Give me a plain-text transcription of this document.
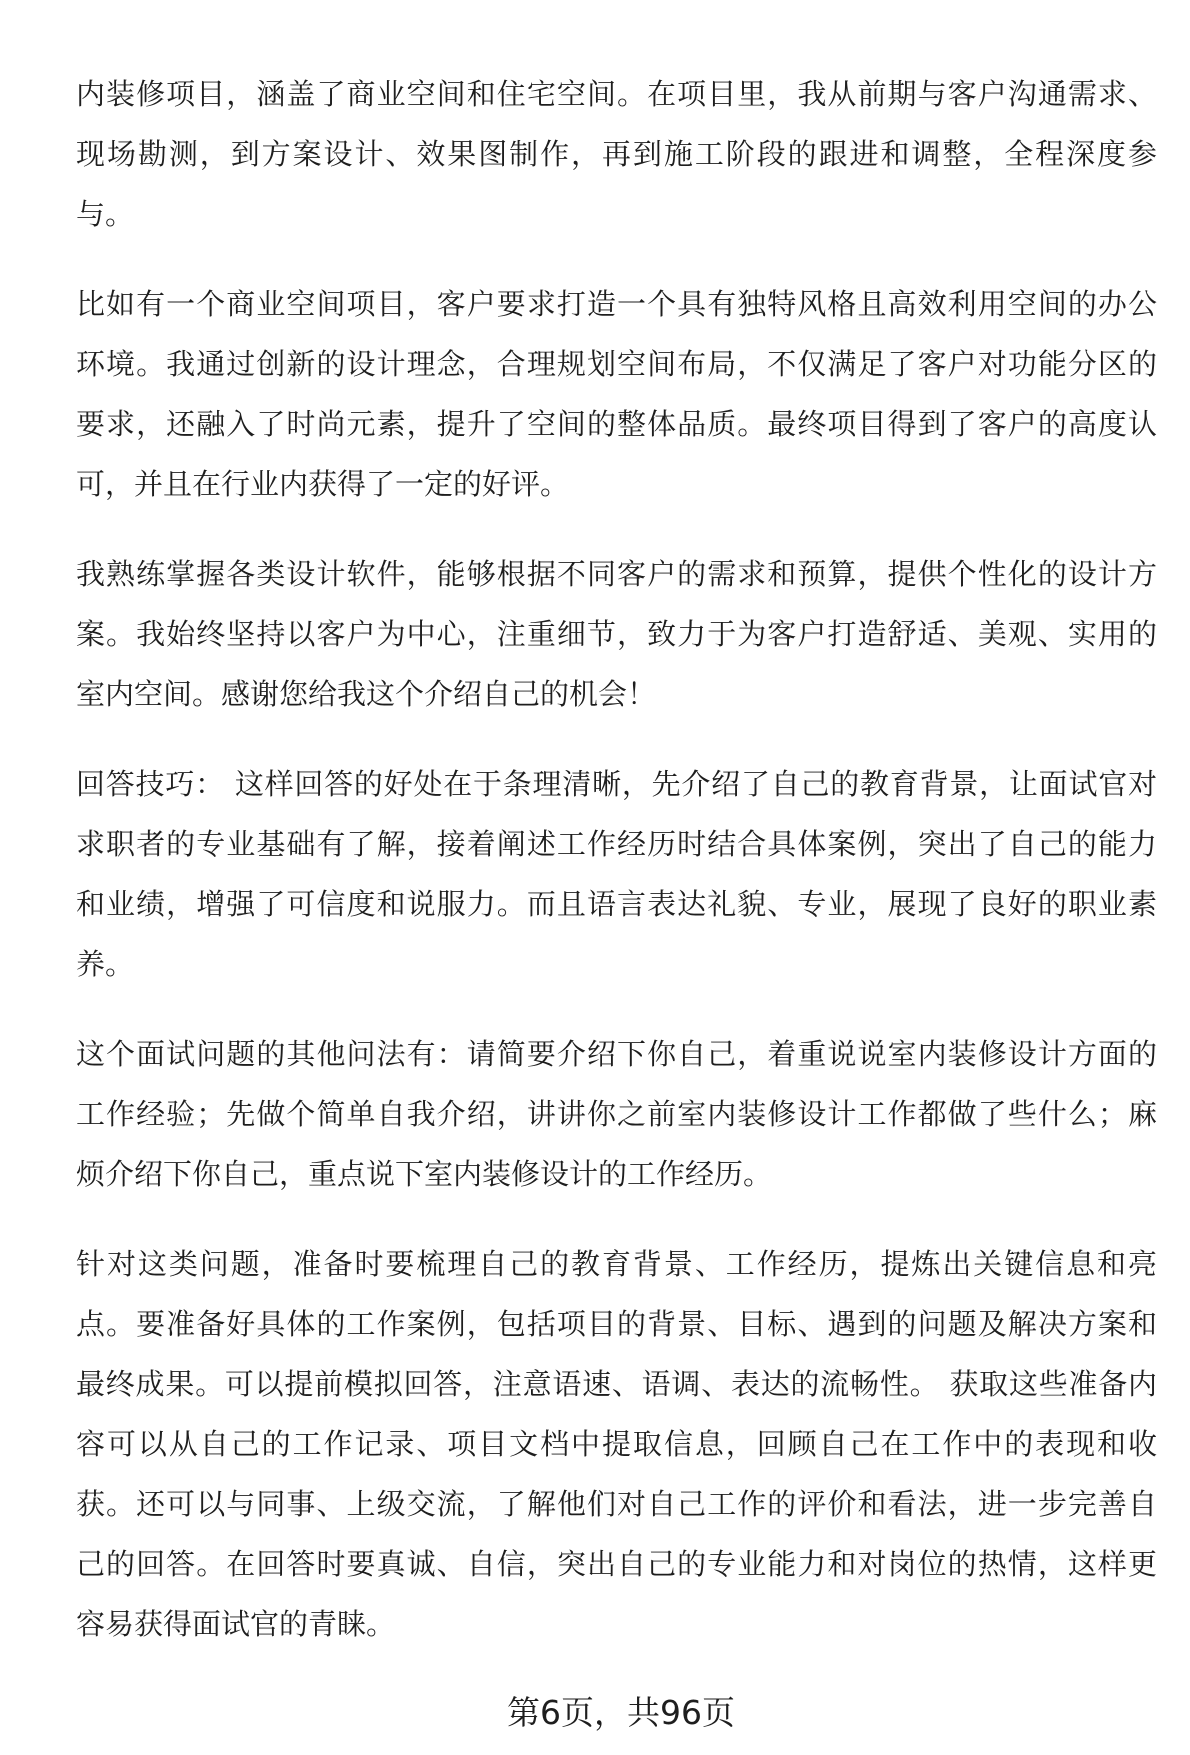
内装修项目，涵盖了商业空间和住宅空间。在项目里，我从前期与客户沟通需求、
现场勘测，到方案设计、效果图制作，再到施工阶段的跟进和调整，全程深度参
与。
比如有一个商业空间项目，客户要求打造一个具有独特风格且高效利用空间的办公
环境。我通过创新的设计理念，合理规划空间布局，不仅满足了客户对功能分区的
要求，还融入了时尚元素，提升了空间的整体品质。最终项目得到了客户的高度认
可，并且在行业内获得了一定的好评。
我熟练掌握各类设计软件，能够根据不同客户的需求和预算，提供个性化的设计方
案。我始终坚持以客户为中心，注重细节，致力于为客户打造舒适、美观、实用的
室内空间。感谢您给我这个介绍自己的机会！
回答技巧： 这样回答的好处在于条理清晰，先介绍了自己的教育背景，让面试官对
求职者的专业基础有了解，接着阐述工作经历时结合具体案例，突出了自己的能力
和业绩，增强了可信度和说服力。而且语言表达礼貌、专业，展现了良好的职业素
养。
这个面试问题的其他问法有：请简要介绍下你自己，着重说说室内装修设计方面的
工作经验；先做个简单自我介绍，讲讲你之前室内装修设计工作都做了些什么；麻
烦介绍下你自己，重点说下室内装修设计的工作经历。
针对这类问题，准备时要梳理自己的教育背景、工作经历，提炼出关键信息和亮
点。要准备好具体的工作案例，包括项目的背景、目标、遇到的问题及解决方案和
最终成果。可以提前模拟回答，注意语速、语调、表达的流畅性。 获取这些准备内
容可以从自己的工作记录、项目文档中提取信息，回顾自己在工作中的表现和收
获。还可以与同事、上级交流，了解他们对自己工作的评价和看法，进一步完善自
己的回答。在回答时要真诚、自信，突出自己的专业能力和对岗位的热情，这样更
容易获得面试官的青睐。
第6页，共96页
